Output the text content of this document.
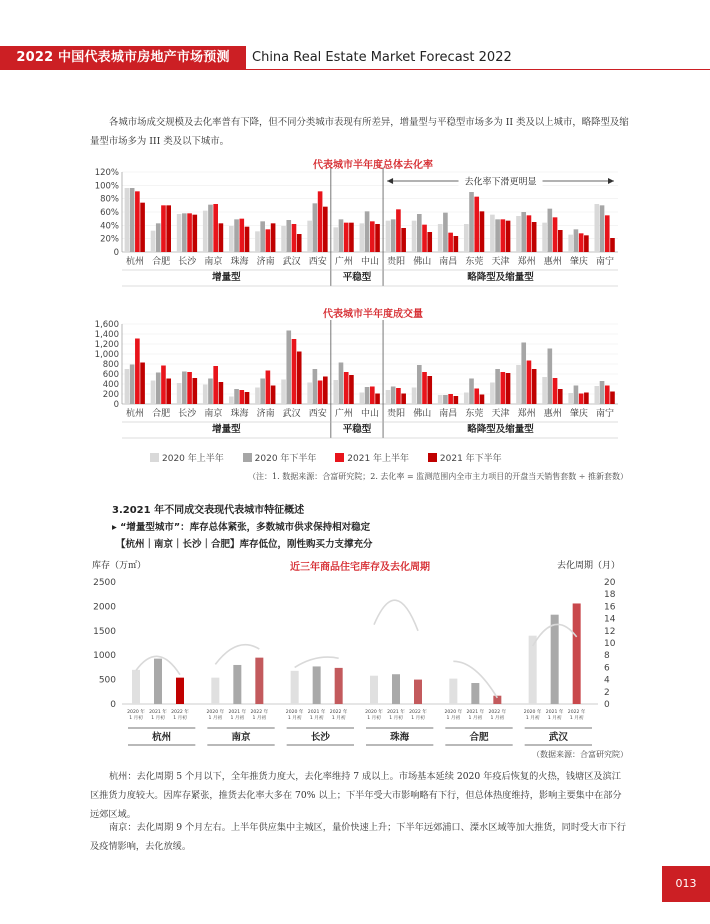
2022 中国代表城市房地产市场预测	China Real Estate Market Forecast 2022
各城市场成交规模及去化率普有下降，但不同分类城市表现有所差异，增量型与平稳型市场多为 II 类及以上城市，略降型及缩量型市场多为 III 类及以下城市。
代表城市半年度总体去化率
0
20%
40%
60%
80%
100%
120%
杭州 合肥 长沙 南京 珠海 济南 武汉 西安 广州 中山 贵阳 佛山 南昌 东莞 天津 郑州 惠州 肇庆 南宁
增量型	平稳型	略降型及缩量型
去化率下滑更明显
代表城市半年度成交量
0
200
400
600
800
1,000
1,200
1,400
1,600
杭州 合肥 长沙 南京 珠海 济南 武汉 西安 广州 中山 贵阳 佛山 南昌 东莞 天津 郑州 惠州 肇庆 南宁
增量型	平稳型	略降型及缩量型
2020 年上半年	2020 年下半年	2021 年上半年	2021 年下半年
（注：1. 数据来源：合富研究院；2. 去化率 = 监测范围内全市主力项目的开盘当天销售套数 ÷ 推新套数）
3.2021 年不同成交表现代表城市特征概述
▸ “增量型城市”：库存总体紧张，多数城市供求保持相对稳定
【杭州｜南京｜长沙｜合肥】库存低位，刚性购买力支撑充分
库存（万㎡）	去化周期（月）
近三年商品住宅库存及去化周期
0
500
1000
1500
2000
2500
0
2
4
6
8
10
12
14
16
18
20
2020 年
1 月初
2021 年
1 月初
2022 年
1 月初
杭州
2020 年
1 月初
2021 年
1 月初
2022 年
1 月初
南京
2020 年
1 月初
2021 年
1 月初
2022 年
1 月初
长沙
2020 年
1 月初
2021 年
1 月初
2022 年
1 月初
珠海
2020 年
1 月初
2021 年
1 月初
2022 年
1 月初
合肥
2020 年
1 月初
2021 年
1 月初
2022 年
1 月初
武汉
（数据来源：合富研究院）
杭州：去化周期 5 个月以下，全年推货力度大，去化率维持 7 成以上。市场基本延续 2020 年疫后恢复的火热，钱塘区及滨江区推货力度较大。因库存紧张，推货去化率大多在 70% 以上；下半年受大市影响略有下行，但总体热度维持，影响主要集中在部分远郊区域。
南京：去化周期 9 个月左右。上半年供应集中主城区，量价快速上升；下半年远郊浦口、溧水区域等加大推货，同时受大市下行及疫情影响，去化放缓。
013
